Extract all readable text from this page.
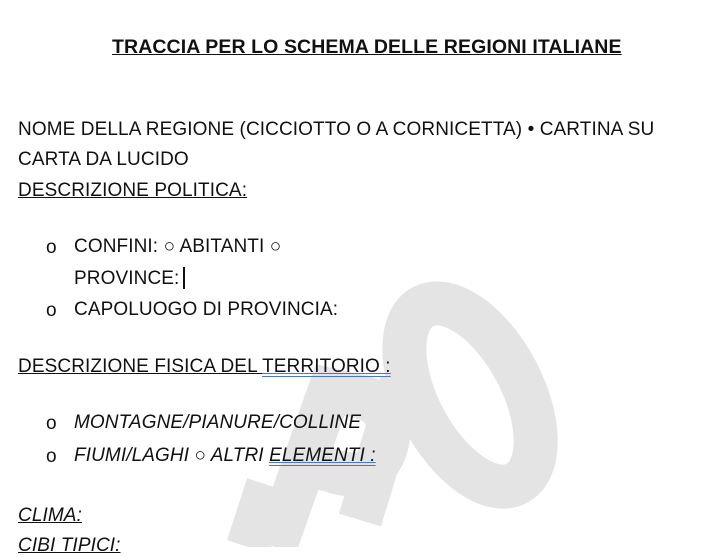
TRACCIA PER LO SCHEMA DELLE REGIONI ITALIANE
NOME DELLA REGIONE (CICCIOTTO O A CORNICETTA) • CARTINA SU
CARTA DA LUCIDO
DESCRIZIONE POLITICA:
o CONFINI: ○ ABITANTI ○
PROVINCE:
o CAPOLUOGO DI PROVINCIA:
DESCRIZIONE FISICA DEL TERRITORIO :
o MONTAGNE/PIANURE/COLLINE
o FIUMI/LAGHI ○ ALTRI ELEMENTI :
CLIMA:
CIBI TIPICI:
